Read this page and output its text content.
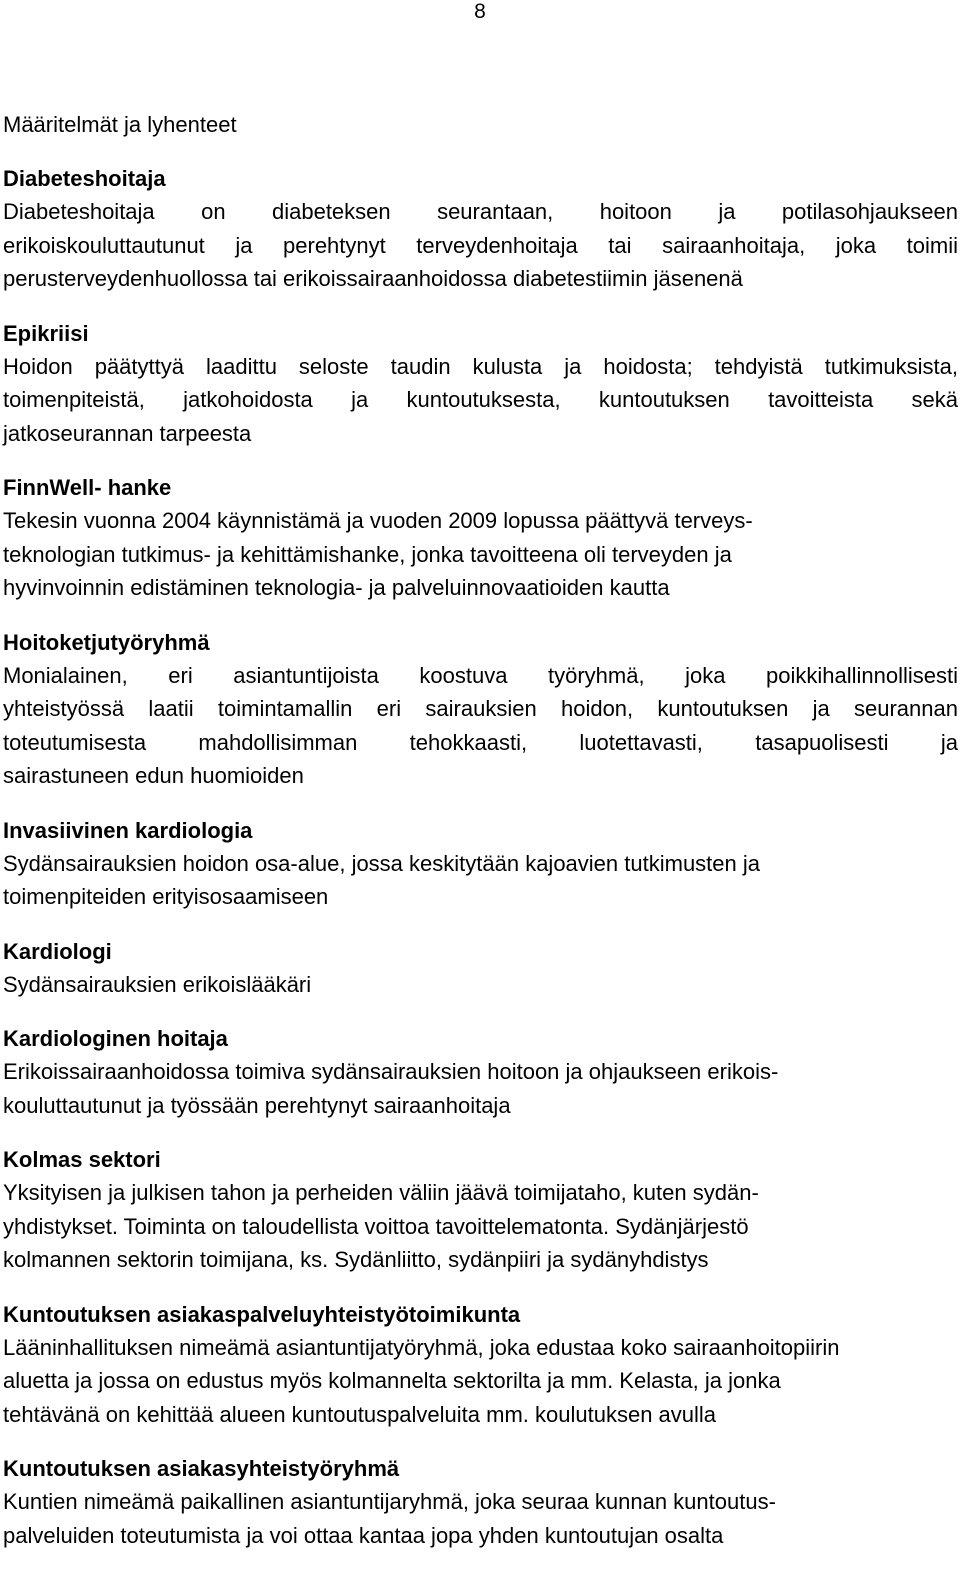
8
Määritelmät ja lyhenteet
Diabeteshoitaja
Diabeteshoitaja on diabeteksen seurantaan, hoitoon ja potilasohjaukseen
erikoiskouluttautunut ja perehtynyt terveydenhoitaja tai sairaanhoitaja, joka toimii
perusterveydenhuollossa tai erikoissairaanhoidossa diabetestiimin jäsenenä
Epikriisi
Hoidon päätyttyä laadittu seloste taudin kulusta ja hoidosta; tehdyistä tutkimuksista,
toimenpiteistä, jatkohoidosta ja kuntoutuksesta, kuntoutuksen tavoitteista sekä
jatkoseurannan tarpeesta
FinnWell- hanke
Tekesin vuonna 2004 käynnistämä ja vuoden 2009 lopussa päättyvä terveys-
teknologian tutkimus- ja kehittämishanke, jonka tavoitteena oli terveyden ja
hyvinvoinnin edistäminen teknologia- ja palveluinnovaatioiden kautta
Hoitoketjutyöryhmä
Monialainen, eri asiantuntijoista koostuva työryhmä, joka poikkihallinnollisesti
yhteistyössä laatii toimintamallin eri sairauksien hoidon, kuntoutuksen ja seurannan
toteutumisesta mahdollisimman tehokkaasti, luotettavasti, tasapuolisesti ja
sairastuneen edun huomioiden
Invasiivinen kardiologia
Sydänsairauksien hoidon osa-alue, jossa keskitytään kajoavien tutkimusten ja
toimenpiteiden erityisosaamiseen
Kardiologi
Sydänsairauksien erikoislääkäri
Kardiologinen hoitaja
Erikoissairaanhoidossa toimiva sydänsairauksien hoitoon ja ohjaukseen erikois-
kouluttautunut ja työssään perehtynyt sairaanhoitaja
Kolmas sektori
Yksityisen ja julkisen tahon ja perheiden väliin jäävä toimijataho, kuten sydän-
yhdistykset. Toiminta on taloudellista voittoa tavoittelematonta. Sydänjärjestö
kolmannen sektorin toimijana, ks. Sydänliitto, sydänpiiri ja sydänyhdistys
Kuntoutuksen asiakaspalveluyhteistyötoimikunta
Lääninhallituksen nimeämä asiantuntijatyöryhmä, joka edustaa koko sairaanhoitopiirin
aluetta ja jossa on edustus myös kolmannelta sektorilta ja mm. Kelasta, ja jonka
tehtävänä on kehittää alueen kuntoutuspalveluita mm. koulutuksen avulla
Kuntoutuksen asiakasyhteistyöryhmä
Kuntien nimeämä paikallinen asiantuntijaryhmä, joka seuraa kunnan kuntoutus-
palveluiden toteutumista ja voi ottaa kantaa jopa yhden kuntoutujan osalta
